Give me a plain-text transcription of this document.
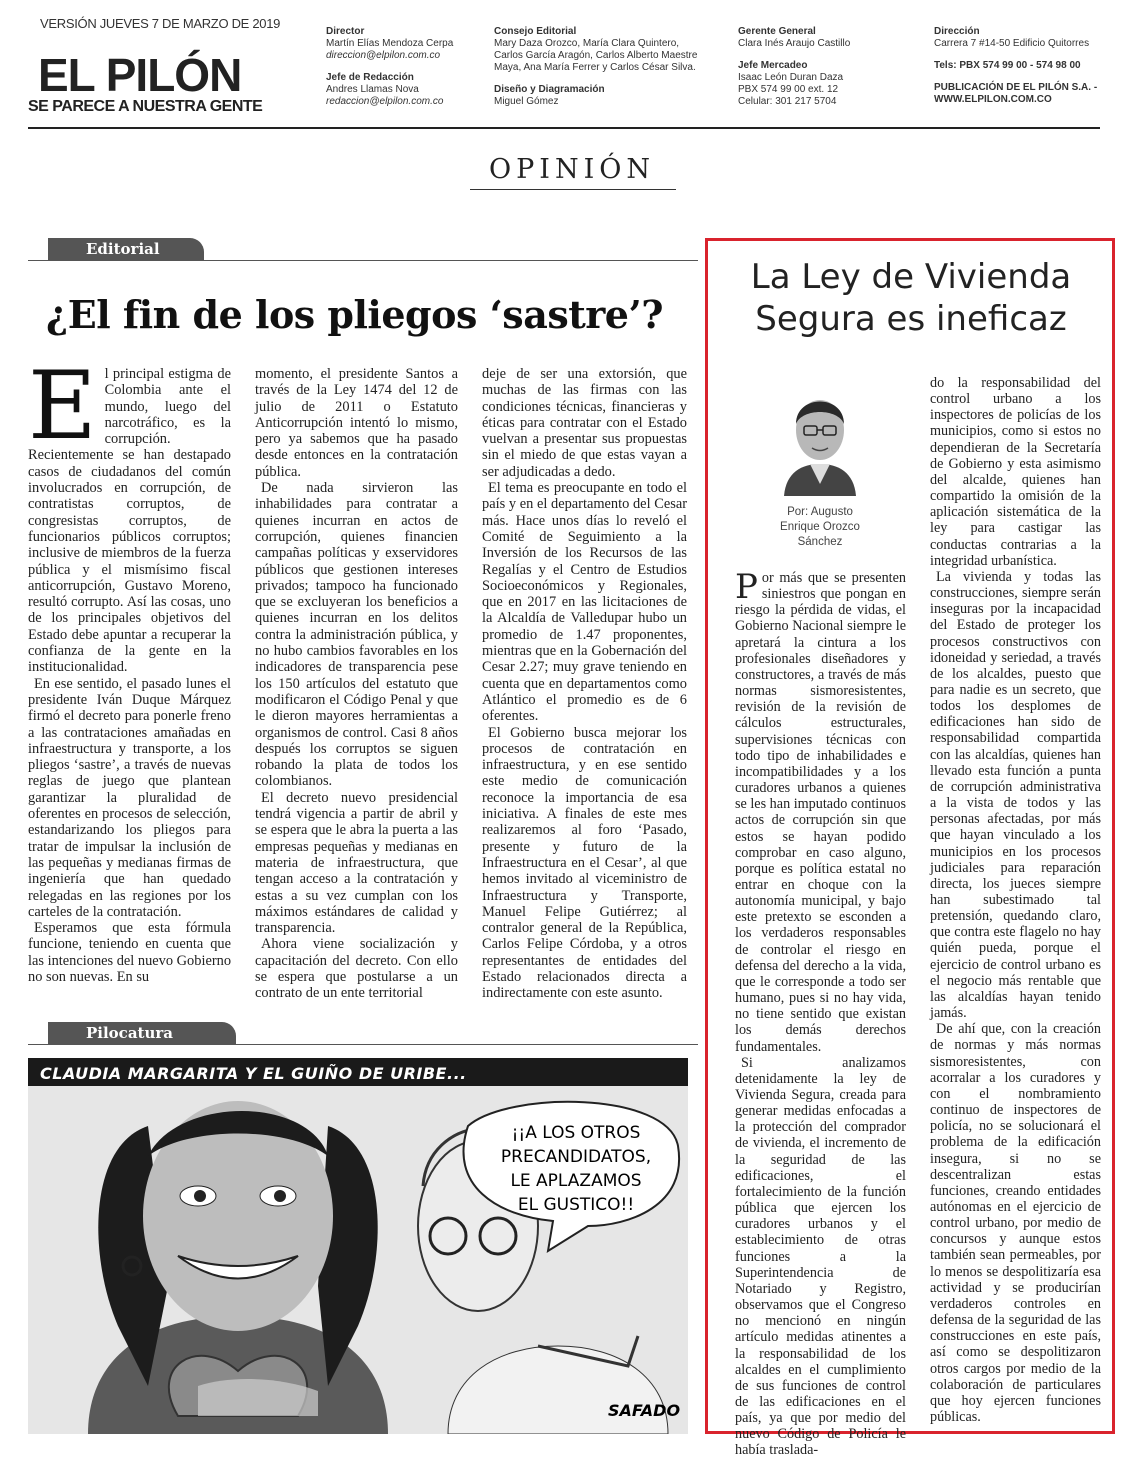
VERSIÓN JUEVES 7 DE MARZO DE 2019
EL PILÓN
SE PARECE A NUESTRA GENTE
Director
Martín Elías Mendoza Cerpa
direccion@elpilon.com.co
Jefe de Redacción
Andres Llamas Nova
redaccion@elpilon.com.co
Consejo Editorial
Mary Daza Orozco, María Clara Quintero,
Carlos García Aragón, Carlos Alberto Maestre
Maya, Ana María Ferrer y Carlos César Silva.
Diseño y Diagramación
Miguel Gómez
Gerente General
Clara Inés Araujo Castillo
Jefe Mercadeo
Isaac León Duran Daza
PBX 574 99 00 ext. 12
Celular: 301 217 5704
Dirección
Carrera 7 #14-50 Edificio Quitorres
Tels: PBX 574 99 00 - 574 98 00
PUBLICACIÓN DE EL PILÓN S.A. -
WWW.ELPILON.COM.CO
OPINIÓN
Editorial
¿El fin de los pliegos ‘sastre’?
E l principal estigma de Colombia ante el mundo, luego del narcotráfico, es la corrupción. Recientemente se han destapado casos de ciudadanos del común involucrados en corrupción, de contratistas corruptos, de congresistas corruptos, de funcionarios públicos corruptos; inclusive de miembros de la fuerza pública y el mismísimo fiscal anticorrupción, Gustavo Moreno, resultó corrupto. Así las cosas, uno de los principales objetivos del Estado debe apuntar a recuperar la confianza de la gente en la institucionalidad.

En ese sentido, el pasado lunes el presidente Iván Duque Márquez firmó el decreto para ponerle freno a las contrataciones amañadas en infraestructura y transporte, a los pliegos ‘sastre’, a través de nuevas reglas de juego que plantean garantizar la pluralidad de oferentes en procesos de selección, estandarizando los pliegos para tratar de impulsar la inclusión de las pequeñas y medianas firmas de ingeniería que han quedado relegadas en las regiones por los carteles de la contratación.

Esperamos que esta fórmula funcione, teniendo en cuenta que las intenciones del nuevo Gobierno no son nuevas. En su

momento, el presidente Santos a través de la Ley 1474 del 12 de julio de 2011 o Estatuto Anticorrupción intentó lo mismo, pero ya sabemos que ha pasado desde entonces en la contratación pública.

De nada sirvieron las inhabilidades para contratar a quienes incurran en actos de corrupción, quienes financien campañas políticas y exservidores públicos que gestionen intereses privados; tampoco ha funcionado que se excluyeran los beneficios a quienes incurran en los delitos contra la administración pública, y no hubo cambios favorables en los indicadores de transparencia pese los 150 artículos del estatuto que modificaron el Código Penal y que le dieron mayores herramientas a organismos de control. Casi 8 años después los corruptos se siguen robando la plata de todos los colombianos.

El decreto nuevo presidencial tendrá vigencia a partir de abril y se espera que le abra la puerta a las empresas pequeñas y medianas en materia de infraestructura, que tengan acceso a la contratación y estas a su vez cumplan con los máximos estándares de calidad y transparencia.

Ahora viene socialización y capacitación del decreto. Con ello se espera que postularse a un contrato de un ente territorial

deje de ser una extorsión, que muchas de las firmas con las condiciones técnicas, financieras y éticas para contratar con el Estado vuelvan a presentar sus propuestas sin el miedo de que estas vayan a ser adjudicadas a dedo.

El tema es preocupante en todo el país y en el departamento del Cesar más. Hace unos días lo reveló el Comité de Seguimiento a la Inversión de los Recursos de las Regalías y el Centro de Estudios Socioeconómicos y Regionales, que en 2017 en las licitaciones de la Alcaldía de Valledupar hubo un promedio de 1.47 proponentes, mientras que en la Gobernación del Cesar 2.27; muy grave teniendo en cuenta que en departamentos como Atlántico el promedio es de 6 oferentes.

El Gobierno busca mejorar los procesos de contratación en infraestructura, y en ese sentido este medio de comunicación reconoce la importancia de esa iniciativa. A finales de este mes realizaremos al foro ‘Pasado, presente y futuro de la Infraestructura en el Cesar’, al que hemos invitado al viceministro de Infraestructura y Transporte, Manuel Felipe Gutiérrez; al contralor general de la República, Carlos Felipe Córdoba, y a otros representantes de entidades del Estado relacionados directa a indirectamente con este asunto.

Pilocatura
CLAUDIA MARGARITA Y EL GUIÑO DE URIBE...
¡¡A LOS OTROS
PRECANDIDATOS,
LE APLAZAMOS
EL GUSTICO!!
SAFADO
La Ley de Vivienda
Segura es ineficaz
Por: Augusto
Enrique Orozco
Sánchez
P or más que se presenten siniestros que pongan en riesgo la pérdida de vidas, el Gobierno Nacional siempre le apretará la cintura a los profesionales diseñadores y constructores, a través de más normas sismoresistentes, revisión de la revisión de cálculos estructurales, supervisiones técnicas con todo tipo de inhabilidades e incompatibilidades y a los curadores urbanos a quienes se les han imputado continuos actos de corrupción sin que estos se hayan podido comprobar en caso alguno, porque es política estatal no entrar en choque con la autonomía municipal, y bajo este pretexto se esconden a los verdaderos responsables de controlar el riesgo en defensa del derecho a la vida, que le corresponde a todo ser humano, pues si no hay vida, no tiene sentido que existan los demás derechos fundamentales.

Si analizamos detenidamente la ley de Vivienda Segura, creada para generar medidas enfocadas a la protección del comprador de vivienda, el incremento de la seguridad de las edificaciones, el fortalecimiento de la función pública que ejercen los curadores urbanos y el establecimiento de otras funciones a la Superintendencia de Notariado y Registro, observamos que el Congreso no mencionó en ningún artículo medidas atinentes a la responsabilidad de los alcaldes en el cumplimiento de sus funciones de control de las edificaciones en el país, ya que por medio del nuevo Código de Policía le había traslada-

do la responsabilidad del control urbano a los inspectores de policías de los municipios, como si estos no dependieran de la Secretaría de Gobierno y esta asimismo del alcalde, quienes han compartido la omisión de la aplicación sistemática de la ley para castigar las conductas contrarias a la integridad urbanística.

La vivienda y todas las construcciones, siempre serán inseguras por la incapacidad del Estado de proteger los procesos constructivos con idoneidad y seriedad, a través de los alcaldes, puesto que para nadie es un secreto, que todos los desplomes de edificaciones han sido de responsabilidad compartida con las alcaldías, quienes han llevado esta función a punta de corrupción administrativa a la vista de todos y las personas afectadas, por más que hayan vinculado a los municipios en los procesos judiciales para reparación directa, los jueces siempre han subestimado tal pretensión, quedando claro, que contra este flagelo no hay quién pueda, porque el ejercicio de control urbano es el negocio más rentable que las alcaldías hayan tenido jamás.

De ahí que, con la creación de normas y más normas sismoresistentes, con acorralar a los curadores y con el nombramiento continuo de inspectores de policía, no se solucionará el problema de la edificación insegura, si no se descentralizan estas funciones, creando entidades autónomas en el ejercicio de control urbano, por medio de concursos y aunque estos también sean permeables, por lo menos se despolitizaría esa actividad y se producirían verdaderos controles en defensa de la seguridad de las construcciones en este país, así como se despolitizaron otros cargos por medio de la colaboración de particulares que hoy ejercen funciones públicas.
